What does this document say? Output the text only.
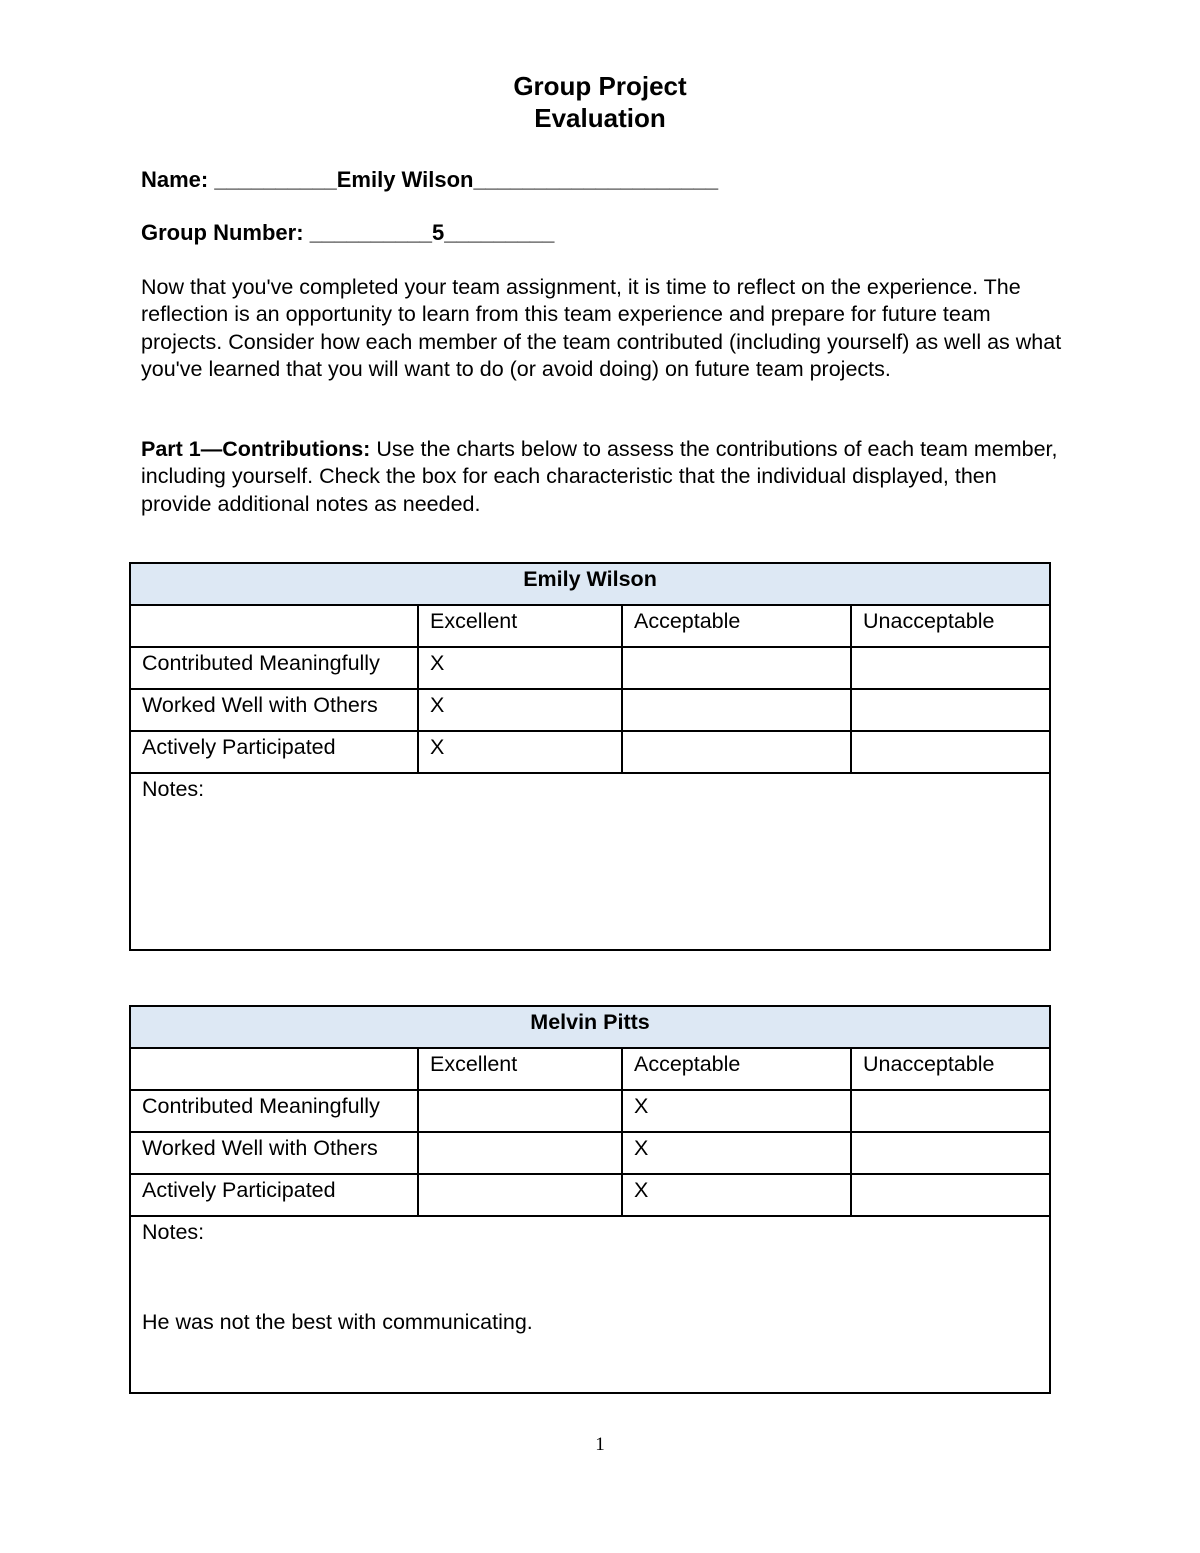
Group Project
Evaluation
Name: __________Emily Wilson____________________
Group Number: __________5_________
Now that you've completed your team assignment, it is time to reflect on the experience. The reflection is an opportunity to learn from this team experience and prepare for future team projects. Consider how each member of the team contributed (including yourself) as well as what you've learned that you will want to do (or avoid doing) on future team projects.
Part 1—Contributions: Use the charts below to assess the contributions of each team member, including yourself. Check the box for each characteristic that the individual displayed, then provide additional notes as needed.
Emily Wilson			
	Excellent	Acceptable	Unacceptable
Contributed Meaningfully	X		
Worked Well with Others	X		
Actively Participated	X		
Notes:			
Melvin Pitts			
	Excellent	Acceptable	Unacceptable
Contributed Meaningfully		X	
Worked Well with Others		X	
Actively Participated		X	
Notes:
He was not the best with communicating.			
1
